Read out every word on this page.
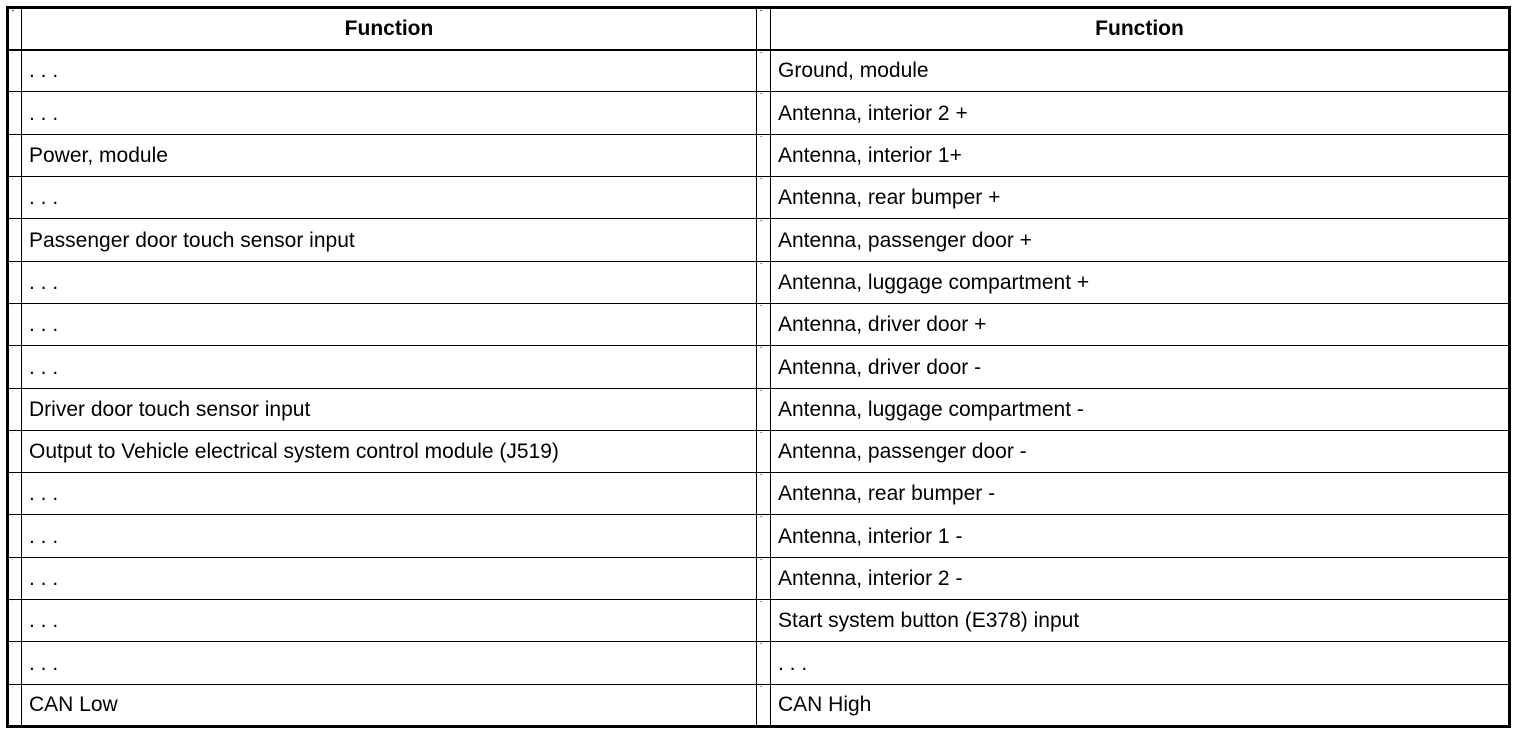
˜	Function	˜	Function

˙	. . .	˝	Ground, module

˙	. . .	˝	Antenna, interior 2 +

˙	Power, module	˝	Antenna, interior 1+

˙	. . .	˝	Antenna, rear bumper +

˙	Passenger door touch sensor input	˝	Antenna, passenger door +

˙	. . .	˝	Antenna, luggage compartment +

˙	. . .	˝	Antenna, driver door +

˙	. . .	˝	Antenna, driver door -

˙	Driver door touch sensor input	˝	Antenna, luggage compartment -

˙	Output to Vehicle electrical system control module (J519)	˝	Antenna, passenger door -

˙	. . .	˝	Antenna, rear bumper -

˙	. . .	˝	Antenna, interior 1 -

˙	. . .	˝	Antenna, interior 2 -

˙	. . .	˝	Start system button (E378) input

˙	. . .	˝	. . .

˙	CAN Low	˝	CAN High
